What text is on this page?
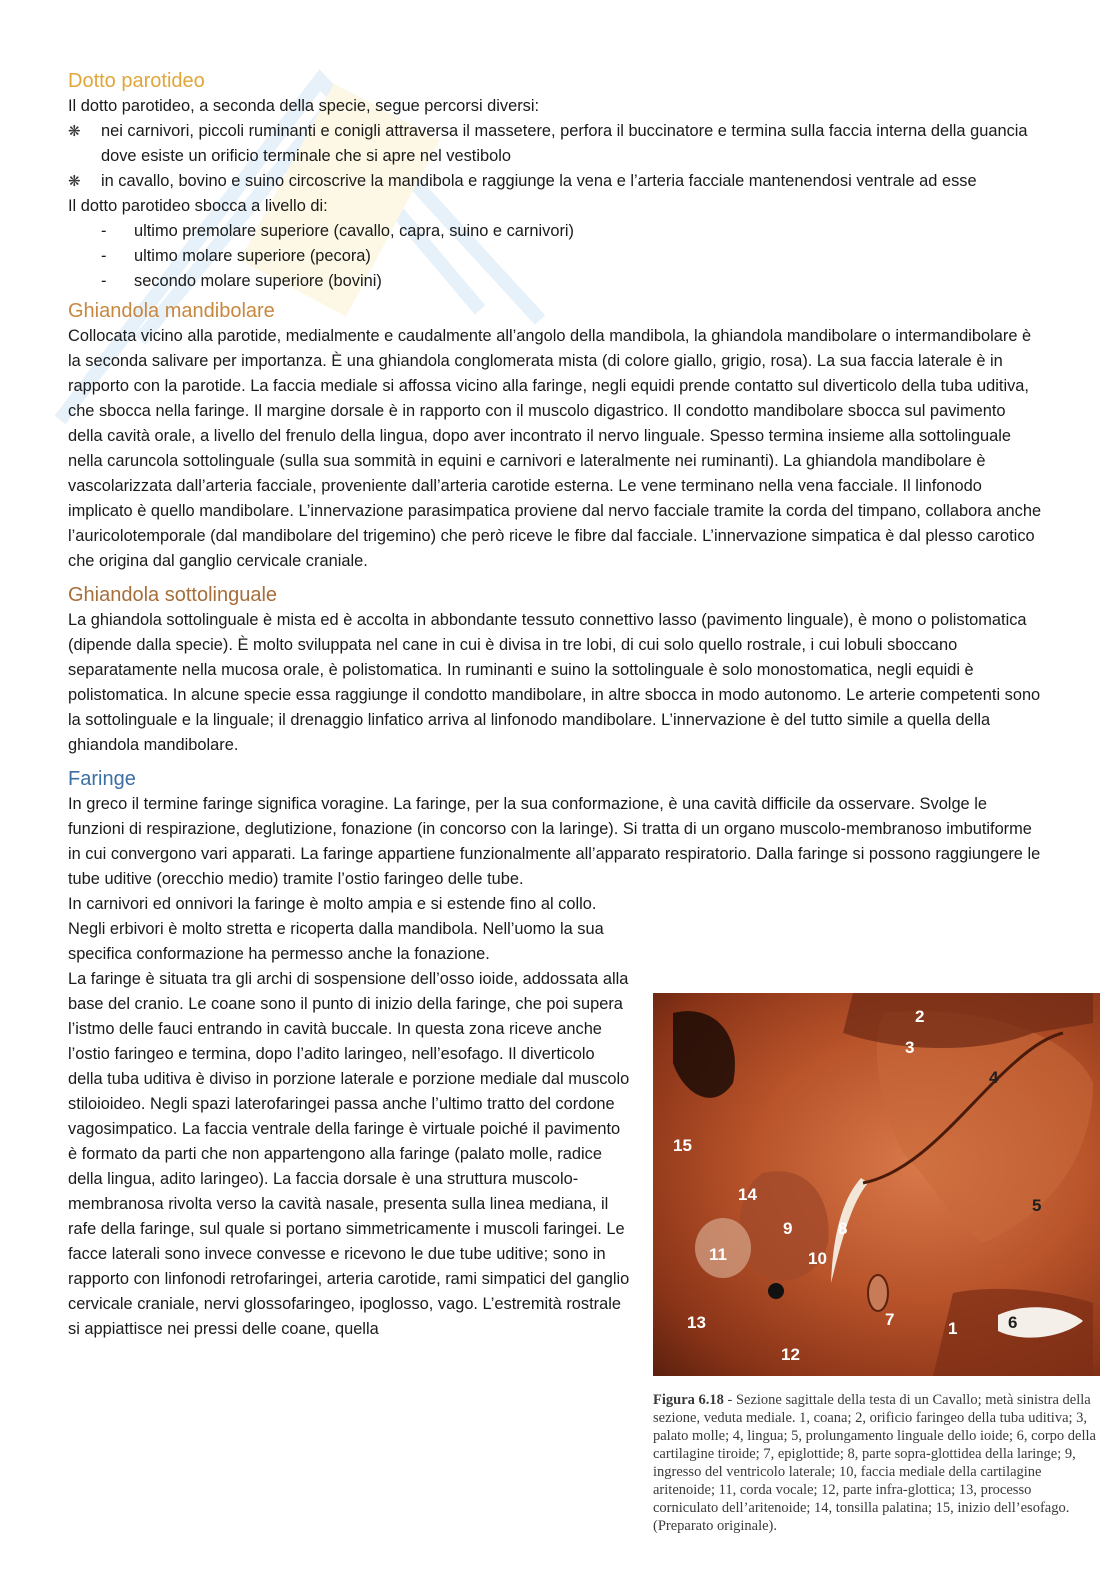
Dotto parotideo

Il dotto parotideo, a seconda della specie, segue percorsi diversi:

❋ nei carnivori, piccoli ruminanti e conigli attraversa il massetere, perfora il buccinatore e termina sulla faccia interna della guancia dove esiste un orificio terminale che si apre nel vestibolo
❋ in cavallo, bovino e suino circoscrive la mandibola e raggiunge la vena e l’arteria facciale mantenendosi ventrale ad esse

Il dotto parotideo sbocca a livello di:

- ultimo premolare superiore (cavallo, capra, suino e carnivori)
- ultimo molare superiore (pecora)
- secondo molare superiore (bovini)
Ghiandola mandibolare

Collocata vicino alla parotide, medialmente e caudalmente all’angolo della mandibola, la ghiandola mandibolare o intermandibolare è la seconda salivare per importanza. È una ghiandola conglomerata mista (di colore giallo, grigio, rosa). La sua faccia laterale è in rapporto con la parotide. La faccia mediale si affossa vicino alla faringe, negli equidi prende contatto sul diverticolo della tuba uditiva, che sbocca nella faringe. Il margine dorsale è in rapporto con il muscolo digastrico. Il condotto mandibolare sbocca sul pavimento della cavità orale, a livello del frenulo della lingua, dopo aver incontrato il nervo linguale. Spesso termina insieme alla sottolinguale nella caruncola sottolinguale (sulla sua sommità in equini e carnivori e lateralmente nei ruminanti). La ghiandola mandibolare è vascolarizzata dall’arteria facciale, proveniente dall’arteria carotide esterna. Le vene terminano nella vena facciale. Il linfonodo implicato è quello mandibolare. L’innervazione parasimpatica proviene dal nervo facciale tramite la corda del timpano, collabora anche l’auricolotemporale (dal mandibolare del trigemino) che però riceve le fibre dal facciale. L’innervazione simpatica è dal plesso carotico che origina dal ganglio cervicale craniale.

Ghiandola sottolinguale

La ghiandola sottolinguale è mista ed è accolta in abbondante tessuto connettivo lasso (pavimento linguale), è mono o polistomatica (dipende dalla specie). È molto sviluppata nel cane in cui è divisa in tre lobi, di cui solo quello rostrale, i cui lobuli sboccano separatamente nella mucosa orale, è polistomatica. In ruminanti e suino la sottolinguale è solo monostomatica, negli equidi è polistomatica. In alcune specie essa raggiunge il condotto mandibolare, in altre sbocca in modo autonomo. Le arterie competenti sono la sottolinguale e la linguale; il drenaggio linfatico arriva al linfonodo mandibolare. L’innervazione è del tutto simile a quella della ghiandola mandibolare.

Faringe

In greco il termine faringe significa voragine. La faringe, per la sua conformazione, è una cavità difficile da osservare. Svolge le funzioni di respirazione, deglutizione, fonazione (in concorso con la laringe). Si tratta di un organo muscolo-membranoso imbutiforme in cui convergono vari apparati. La faringe appartiene funzionalmente all’apparato respiratorio. Dalla faringe si possono raggiungere le tube uditive (orecchio medio) tramite l’ostio faringeo delle tube.

In carnivori ed onnivori la faringe è molto ampia e si estende fino al collo. Negli erbivori è molto stretta e ricoperta dalla mandibola. Nell’uomo la sua specifica conformazione ha permesso anche la fonazione.

La faringe è situata tra gli archi di sospensione dell’osso ioide, addossata alla base del cranio. Le coane sono il punto di inizio della faringe, che poi supera l’istmo delle fauci entrando in cavità buccale. In questa zona riceve anche l’ostio faringeo e termina, dopo l’adito laringeo, nell’esofago. Il diverticolo della tuba uditiva è diviso in porzione laterale e porzione mediale dal muscolo stiloioideo. Negli spazi laterofaringei passa anche l’ultimo tratto del cordone vagosimpatico. La faccia ventrale della faringe è virtuale poiché il pavimento è formato da parti che non appartengono alla faringe (palato molle, radice della lingua, adito laringeo). La faccia dorsale è una struttura muscolo-membranosa rivolta verso la cavità nasale, presenta sulla linea mediana, il rafe della faringe, sul quale si portano simmetricamente i muscoli faringei. Le facce laterali sono invece convesse e ricevono le due tube uditive; sono in rapporto con linfonodi retrofaringei, arteria carotide, rami simpatici del ganglio cervicale craniale, nervi glossofaringeo, ipoglosso, vago. L’estremità rostrale si appiattisce nei pressi delle coane, quella	1
2
3
4
5
6
7
8
9
10
11
12
13
14
15
Figura 6.18 - Sezione sagittale della testa di un Cavallo; metà sinistra della sezione, veduta mediale. 1, coana; 2, orificio faringeo della tuba uditiva; 3, palato molle; 4, lingua; 5, prolungamento linguale dello ioide; 6, corpo della cartilagine tiroide; 7, epiglottide; 8, parte sopra-glottidea della laringe; 9, ingresso del ventricolo laterale; 10, faccia mediale della cartilagine aritenoide; 11, corda vocale; 12, parte infra-glottica; 13, processo corniculato dell’aritenoide; 14, tonsilla palatina; 15, inizio dell’esofago. (Preparato originale).
